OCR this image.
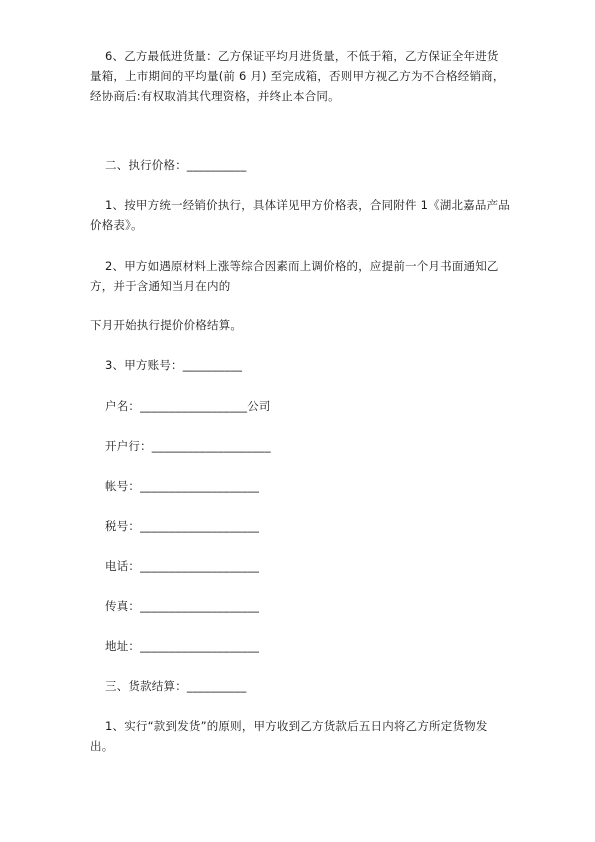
6、乙方最低进货量：乙方保证平均月进货量，不低于箱，乙方保证全年进货量箱，上市期间的平均量(前 6 月) 至完成箱，否则甲方视乙方为不合格经销商，经协商后:有权取消其代理资格，并终止本合同。
二、执行价格：__________
1、按甲方统一经销价执行，具体详见甲方价格表，合同附件 1《湖北嘉品产品价格表》。
2、甲方如遇原材料上涨等综合因素而上调价格的，应提前一个月书面通知乙方，并于含通知当月在内的
下月开始执行提价价格结算。
3、甲方账号：__________
户名：__________________公司
开户行：____________________
帐号：____________________
税号：____________________
电话：____________________
传真：____________________
地址：____________________
三、货款结算：__________
1、实行“款到发货”的原则，甲方收到乙方货款后五日内将乙方所定货物发出。
